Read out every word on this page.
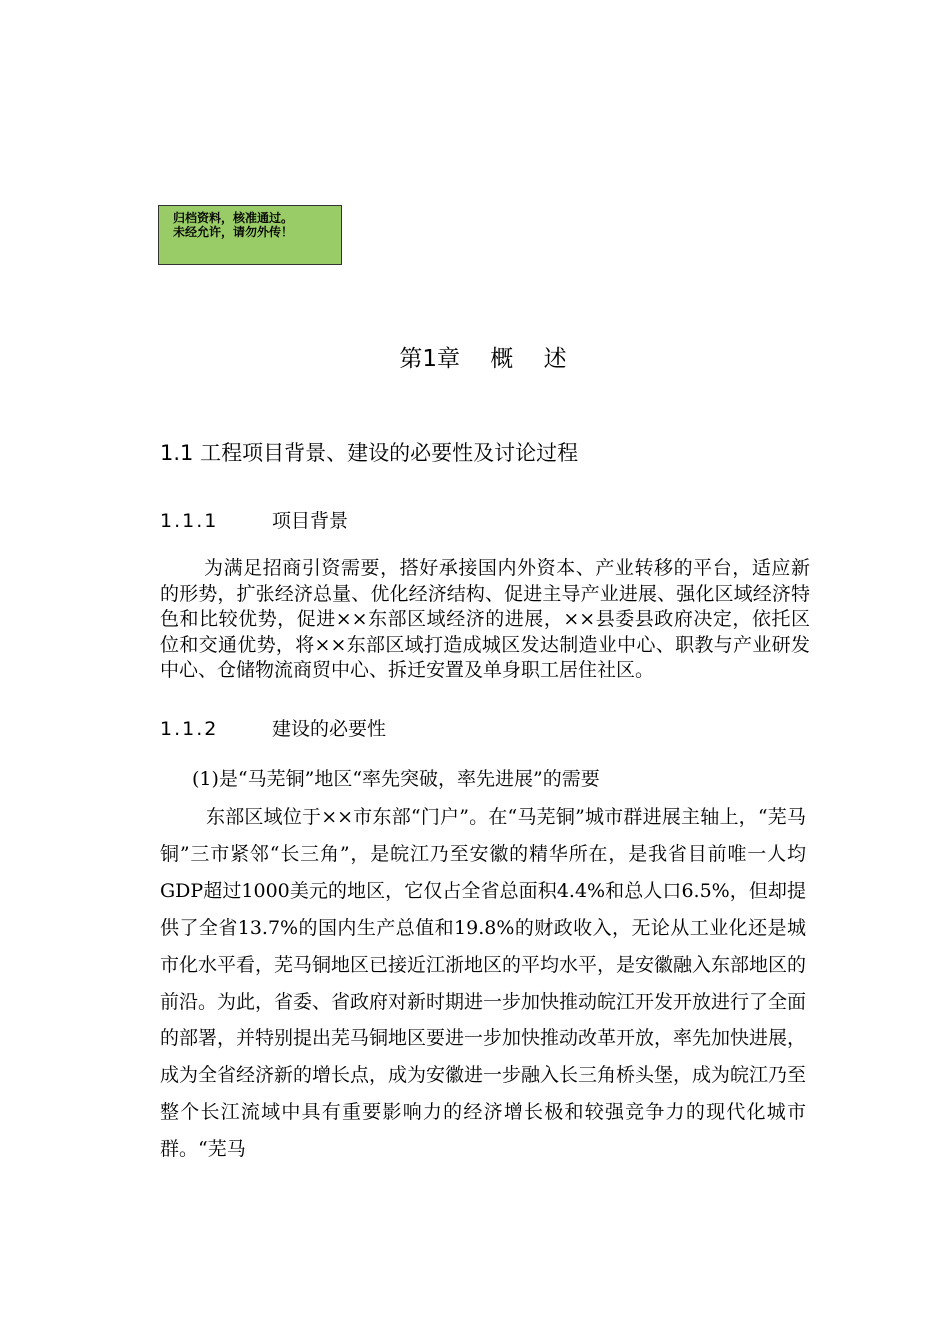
归档资料，核准通过。
未经允许，请勿外传！
第1章　 概　 述
1.1 工程项目背景、建设的必要性及讨论过程
1.1.1	项目背景
为满足招商引资需要，搭好承接国内外资本、产业转移的平台，适应新的形势，扩张经济总量、优化经济结构、促进主导产业进展、强化区域经济特色和比较优势，促进××东部区域经济的进展，××县委县政府决定，依托区位和交通优势，将××东部区域打造成城区发达制造业中心、职教与产业研发中心、仓储物流商贸中心、拆迁安置及单身职工居住社区。
1.1.2	建设的必要性
(1)是“马芜铜”地区“率先突破，率先进展”的需要
东部区域位于××市东部“门户”。在“马芜铜”城市群进展主轴上，“芜马铜”三市紧邻“长三角”，是皖江乃至安徽的精华所在，是我省目前唯一人均GDP超过1000美元的地区，它仅占全省总面积4.4%和总人口6.5%，但却提供了全省13.7%的国内生产总值和19.8%的财政收入，无论从工业化还是城市化水平看，芜马铜地区已接近江浙地区的平均水平，是安徽融入东部地区的前沿。为此，省委、省政府对新时期进一步加快推动皖江开发开放进行了全面的部署，并特别提出芜马铜地区要进一步加快推动改革开放，率先加快进展，成为全省经济新的增长点，成为安徽进一步融入长三角桥头堡，成为皖江乃至整个长江流域中具有重要影响力的经济增长极和较强竞争力的现代化城市群。“芜马
